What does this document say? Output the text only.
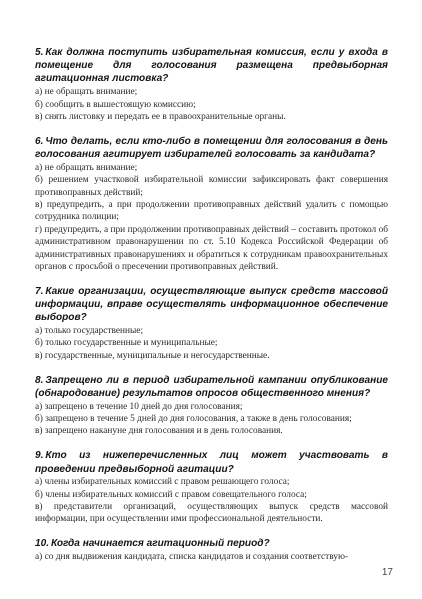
5. Как должна поступить избирательная комиссия, если у входа в помещение для голосования размещена предвыборная агитационная листовка?

а) не обращать внимание;

б) сообщить в вышестоящую комиссию;

в) снять листовку и передать ее в правоохранительные органы.

6. Что делать, если кто-либо в помещении для голосования в день голосования агитирует избирателей голосовать за кандидата?

а) не обращать внимание;

б) решением участковой избирательной комиссии зафиксировать факт совершения противоправных действий;

в) предупредить, а при продолжении противоправных действий удалить с помощью сотрудника полиции;

г) предупредить, а при продолжении противоправных действий – составить протокол об административном правонарушении по ст. 5.10 Кодекса Российской Федерации об административных правонарушениях и обратиться к сотрудникам правоохранительных органов с просьбой о пресечении противоправных действий.

7. Какие организации, осуществляющие выпуск средств массовой информации, вправе осуществлять информационное обеспечение выборов?

а) только государственные;

б) только государственные и муниципальные;

в) государственные, муниципальные и негосударственные.

8. Запрещено ли в период избирательной кампании опубликование (обнародование) результатов опросов общественного мнения?

а) запрещено в течение 10 дней до дня голосования;

б) запрещено в течение 5 дней до дня голосования, а также в день голосования;

в) запрещено накануне дня голосования и в день голосования.

9. Кто из нижеперечисленных лиц может участвовать в проведении предвыборной агитации?

а) члены избирательных комиссий с правом решающего голоса;

б) члены избирательных комиссий с правом совещательного голоса;

в) представители организаций, осуществляющих выпуск средств массовой информации, при осуществлении ими профессиональной деятельности.

10. Когда начинается агитационный период?

а) со дня выдвижения кандидата, списка кандидатов и создания соответствую-

17
